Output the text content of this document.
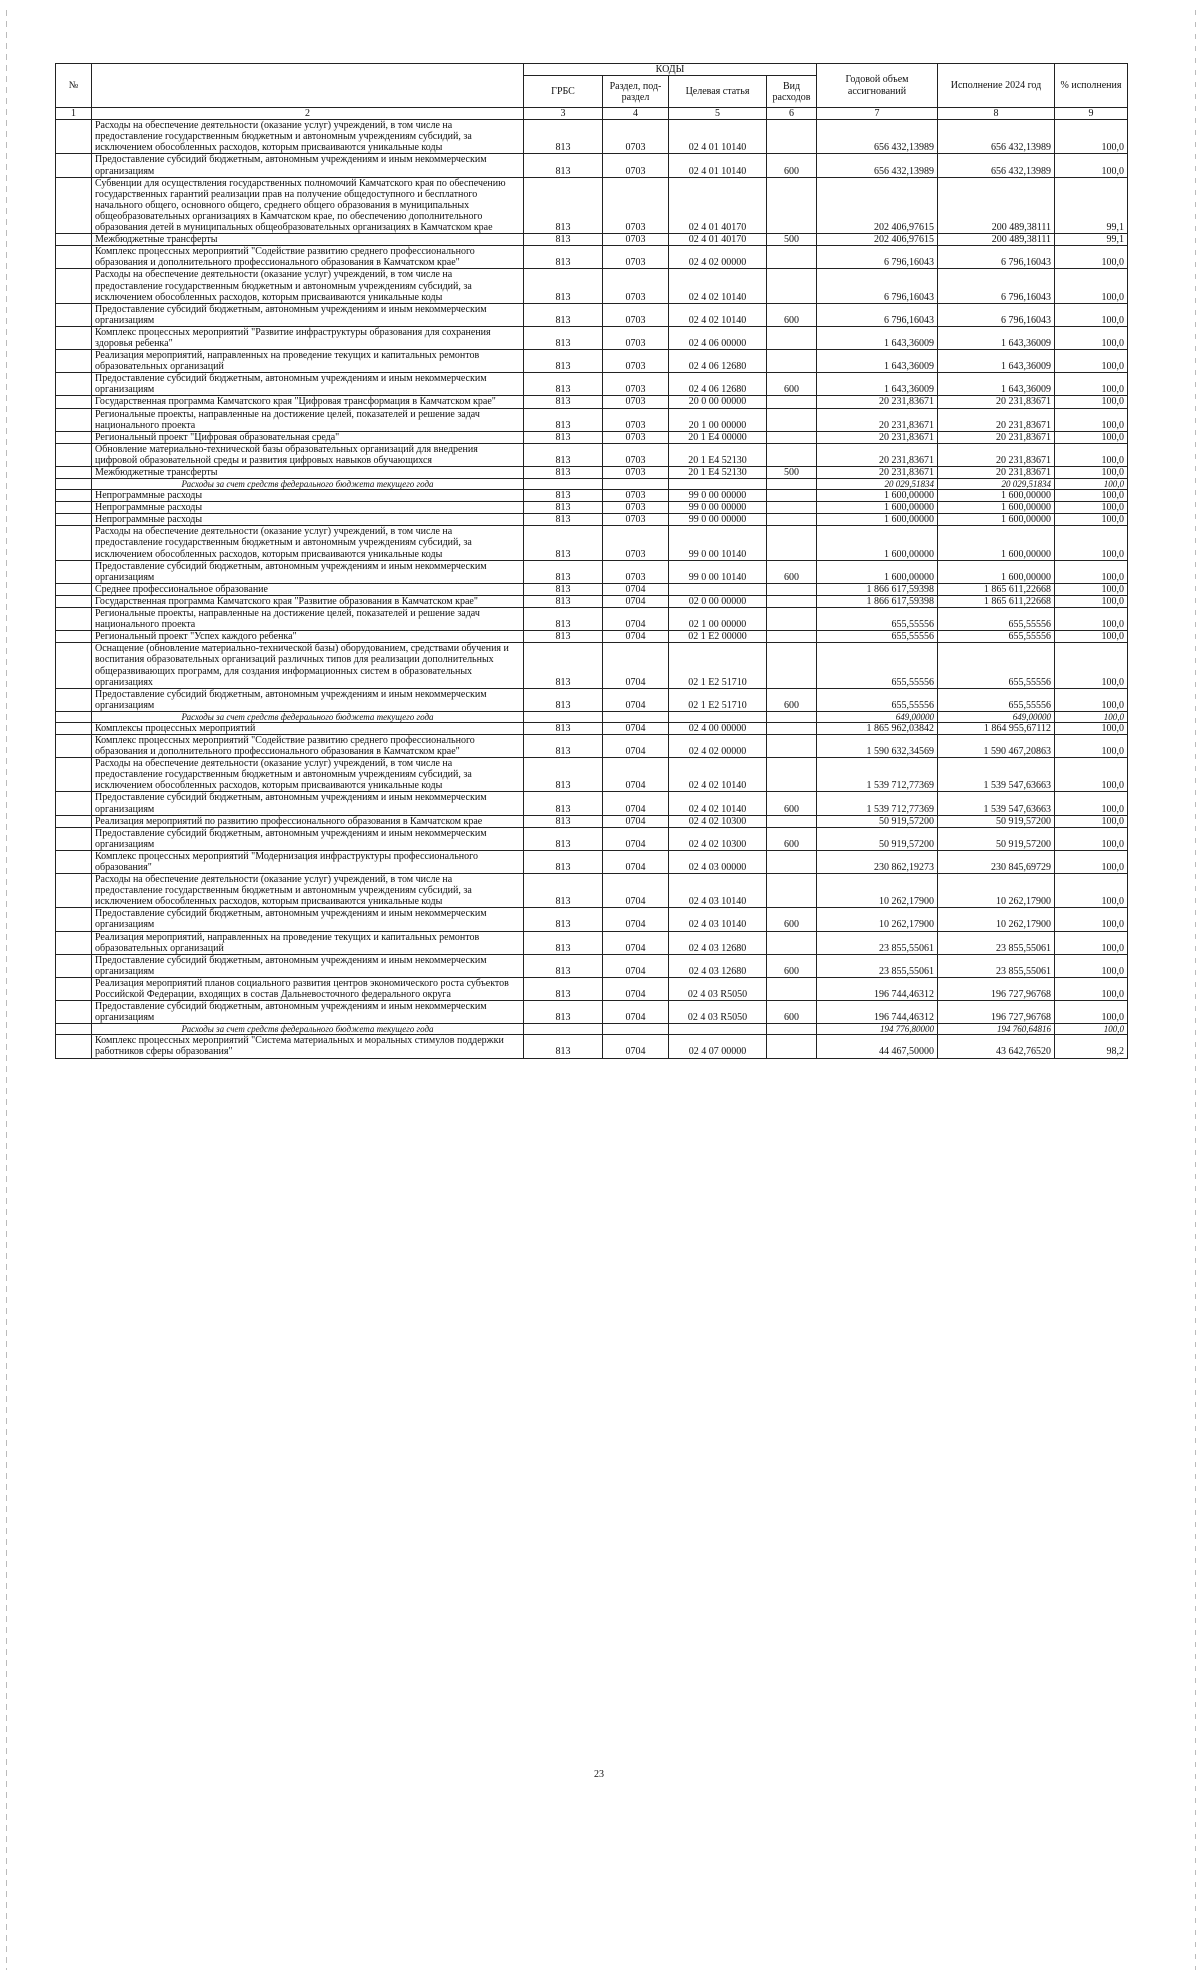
№		КОДЫ				Годовой объем ассигнований	Исполнение 2024 год	% исполнения
		ГРБС	Раздел, под-раздел	Целевая статья	Вид расходов			
1	2	3	4	5	6	7	8	9
	Расходы на обеспечение деятельности (оказание услуг) учреждений, в том числе на предоставление государственным бюджетным и автономным учреждениям субсидий, за исключением обособленных расходов, которым присваиваются уникальные коды	813	0703	02 4 01 10140		656 432,13989	656 432,13989	100,0
	Предоставление субсидий бюджетным, автономным учреждениям и иным некоммерческим организациям	813	0703	02 4 01 10140	600	656 432,13989	656 432,13989	100,0
	Субвенции для осуществления государственных полномочий Камчатского края по обеспечению государственных гарантий реализации прав на получение общедоступного и бесплатного начального общего, основного общего, среднего общего образования в муниципальных общеобразовательных организациях в Камчатском крае, по обеспечению дополнительного образования детей в муниципальных общеобразовательных организациях в Камчатском крае	813	0703	02 4 01 40170		202 406,97615	200 489,38111	99,1
	Межбюджетные трансферты	813	0703	02 4 01 40170	500	202 406,97615	200 489,38111	99,1
	Комплекс процессных мероприятий "Содействие развитию среднего профессионального образования и дополнительного профессионального образования в Камчатском крае"	813	0703	02 4 02 00000		6 796,16043	6 796,16043	100,0
	Расходы на обеспечение деятельности (оказание услуг) учреждений, в том числе на предоставление государственным бюджетным и автономным учреждениям субсидий, за исключением обособленных расходов, которым присваиваются уникальные коды	813	0703	02 4 02 10140		6 796,16043	6 796,16043	100,0
	Предоставление субсидий бюджетным, автономным учреждениям и иным некоммерческим организациям	813	0703	02 4 02 10140	600	6 796,16043	6 796,16043	100,0
	Комплекс процессных мероприятий "Развитие инфраструктуры образования для сохранения здоровья ребенка"	813	0703	02 4 06 00000		1 643,36009	1 643,36009	100,0
	Реализация мероприятий, направленных на проведение текущих и капитальных ремонтов образовательных организаций	813	0703	02 4 06 12680		1 643,36009	1 643,36009	100,0
	Предоставление субсидий бюджетным, автономным учреждениям и иным некоммерческим организациям	813	0703	02 4 06 12680	600	1 643,36009	1 643,36009	100,0
	Государственная программа Камчатского края "Цифровая трансформация в Камчатском крае"	813	0703	20 0 00 00000		20 231,83671	20 231,83671	100,0
	Региональные проекты, направленные на достижение целей, показателей и решение задач национального проекта	813	0703	20 1 00 00000		20 231,83671	20 231,83671	100,0
	Региональный проект "Цифровая образовательная среда"	813	0703	20 1 E4 00000		20 231,83671	20 231,83671	100,0
	Обновление материально-технической базы образовательных организаций для внедрения цифровой образовательной среды и развития цифровых навыков обучающихся	813	0703	20 1 E4 52130		20 231,83671	20 231,83671	100,0
	Межбюджетные трансферты	813	0703	20 1 E4 52130	500	20 231,83671	20 231,83671	100,0
	Расходы за счет средств федерального бюджета текущего года					20 029,51834	20 029,51834	100,0
	Непрограммные расходы	813	0703	99 0 00 00000		1 600,00000	1 600,00000	100,0
	Непрограммные расходы	813	0703	99 0 00 00000		1 600,00000	1 600,00000	100,0
	Непрограммные расходы	813	0703	99 0 00 00000		1 600,00000	1 600,00000	100,0
	Расходы на обеспечение деятельности (оказание услуг) учреждений, в том числе на предоставление государственным бюджетным и автономным учреждениям субсидий, за исключением обособленных расходов, которым присваиваются уникальные коды	813	0703	99 0 00 10140		1 600,00000	1 600,00000	100,0
	Предоставление субсидий бюджетным, автономным учреждениям и иным некоммерческим организациям	813	0703	99 0 00 10140	600	1 600,00000	1 600,00000	100,0
	Среднее профессиональное образование	813	0704			1 866 617,59398	1 865 611,22668	100,0
	Государственная программа Камчатского края "Развитие образования в Камчатском крае"	813	0704	02 0 00 00000		1 866 617,59398	1 865 611,22668	100,0
	Региональные проекты, направленные на достижение целей, показателей и решение задач национального проекта	813	0704	02 1 00 00000		655,55556	655,55556	100,0
	Региональный проект "Успех каждого ребенка"	813	0704	02 1 E2 00000		655,55556	655,55556	100,0
	Оснащение (обновление материально-технической базы) оборудованием, средствами обучения и воспитания образовательных организаций различных типов для реализации дополнительных общеразвивающих программ, для создания информационных систем в образовательных организациях	813	0704	02 1 E2 51710		655,55556	655,55556	100,0
	Предоставление субсидий бюджетным, автономным учреждениям и иным некоммерческим организациям	813	0704	02 1 E2 51710	600	655,55556	655,55556	100,0
	Расходы за счет средств федерального бюджета текущего года					649,00000	649,00000	100,0
	Комплексы процессных мероприятий	813	0704	02 4 00 00000		1 865 962,03842	1 864 955,67112	100,0
	Комплекс процессных мероприятий "Содействие развитию среднего профессионального образования и дополнительного профессионального образования в Камчатском крае"	813	0704	02 4 02 00000		1 590 632,34569	1 590 467,20863	100,0
	Расходы на обеспечение деятельности (оказание услуг) учреждений, в том числе на предоставление государственным бюджетным и автономным учреждениям субсидий, за исключением обособленных расходов, которым присваиваются уникальные коды	813	0704	02 4 02 10140		1 539 712,77369	1 539 547,63663	100,0
	Предоставление субсидий бюджетным, автономным учреждениям и иным некоммерческим организациям	813	0704	02 4 02 10140	600	1 539 712,77369	1 539 547,63663	100,0
	Реализация мероприятий по развитию профессионального образования в Камчатском крае	813	0704	02 4 02 10300		50 919,57200	50 919,57200	100,0
	Предоставление субсидий бюджетным, автономным учреждениям и иным некоммерческим организациям	813	0704	02 4 02 10300	600	50 919,57200	50 919,57200	100,0
	Комплекс процессных мероприятий "Модернизация инфраструктуры профессионального образования"	813	0704	02 4 03 00000		230 862,19273	230 845,69729	100,0
	Расходы на обеспечение деятельности (оказание услуг) учреждений, в том числе на предоставление государственным бюджетным и автономным учреждениям субсидий, за исключением обособленных расходов, которым присваиваются уникальные коды	813	0704	02 4 03 10140		10 262,17900	10 262,17900	100,0
	Предоставление субсидий бюджетным, автономным учреждениям и иным некоммерческим организациям	813	0704	02 4 03 10140	600	10 262,17900	10 262,17900	100,0
	Реализация мероприятий, направленных на проведение текущих и капитальных ремонтов образовательных организаций	813	0704	02 4 03 12680		23 855,55061	23 855,55061	100,0
	Предоставление субсидий бюджетным, автономным учреждениям и иным некоммерческим организациям	813	0704	02 4 03 12680	600	23 855,55061	23 855,55061	100,0
	Реализация мероприятий планов социального развития центров экономического роста субъектов Российской Федерации, входящих в состав Дальневосточного федерального округа	813	0704	02 4 03 R5050		196 744,46312	196 727,96768	100,0
	Предоставление субсидий бюджетным, автономным учреждениям и иным некоммерческим организациям	813	0704	02 4 03 R5050	600	196 744,46312	196 727,96768	100,0
	Расходы за счет средств федерального бюджета текущего года					194 776,80000	194 760,64816	100,0
	Комплекс процессных мероприятий "Система материальных и моральных стимулов поддержки работников сферы образования"	813	0704	02 4 07 00000		44 467,50000	43 642,76520	98,2
23
